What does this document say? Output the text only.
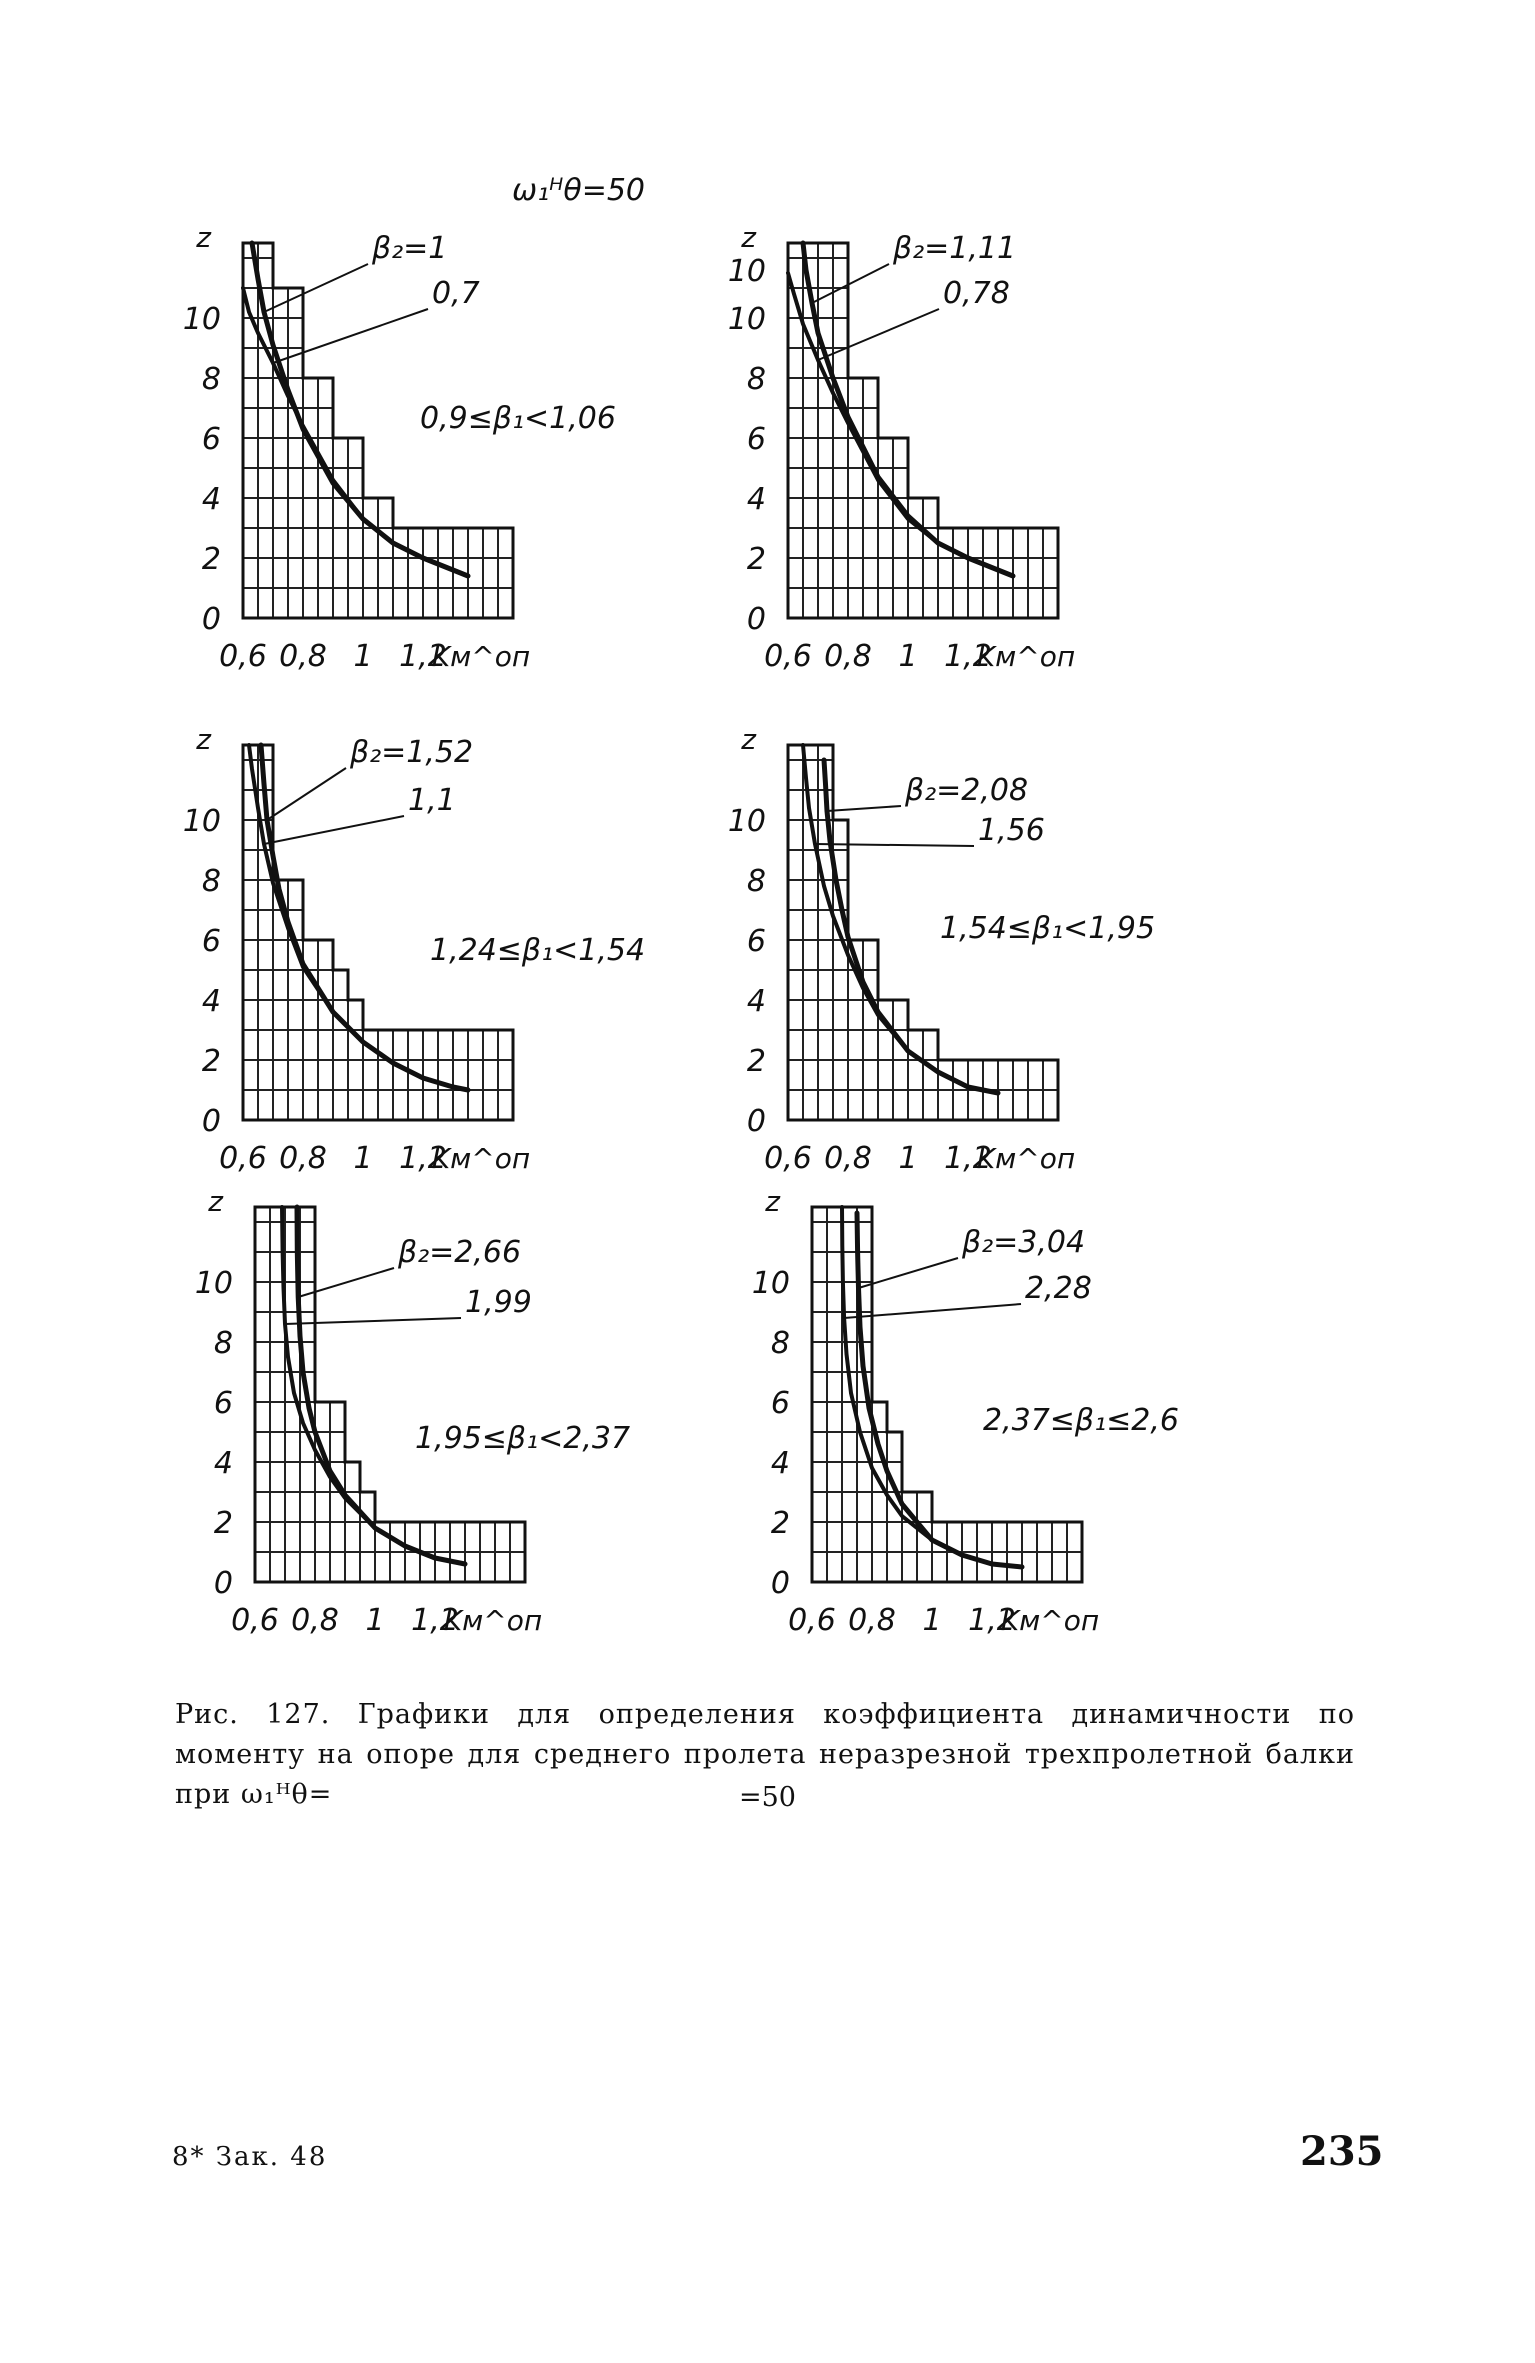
ω₁ᴴθ=50
β₂=1
0,7
0,9≤β₁<1,06
0
2
4
6
8
10
z
0,6 0,8 1 1,2
Kм^оп
β₂=1,11
0,78
0
2
4
6
8
10
z
10
0,6 0,8 1 1,2
Kм^оп
β₂=1,52
1,1
1,24≤β₁<1,54
0
2
4
6
8
10
z
0,6 0,8 1 1,2
Kм^оп
β₂=2,08
1,56
1,54≤β₁<1,95
0
2
4
6
8
10
z
0,6 0,8 1 1,2
Kм^оп
β₂=2,66
1,99
1,95≤β₁<2,37
0
2
4
6
8
10
z
0,6 0,8 1 1,2
Kм^оп
β₂=3,04
2,28
2,37≤β₁≤2,6
0
2
4
6
8
10
z
0,6 0,8 1 1,2
Kм^оп
Рис. 127. Графики для определения коэффициента динамичности по моменту на опоре для среднего пролета неразрезной трехпролетной балки при ω₁ᴴθ=	=50
8* Зак. 48	235
